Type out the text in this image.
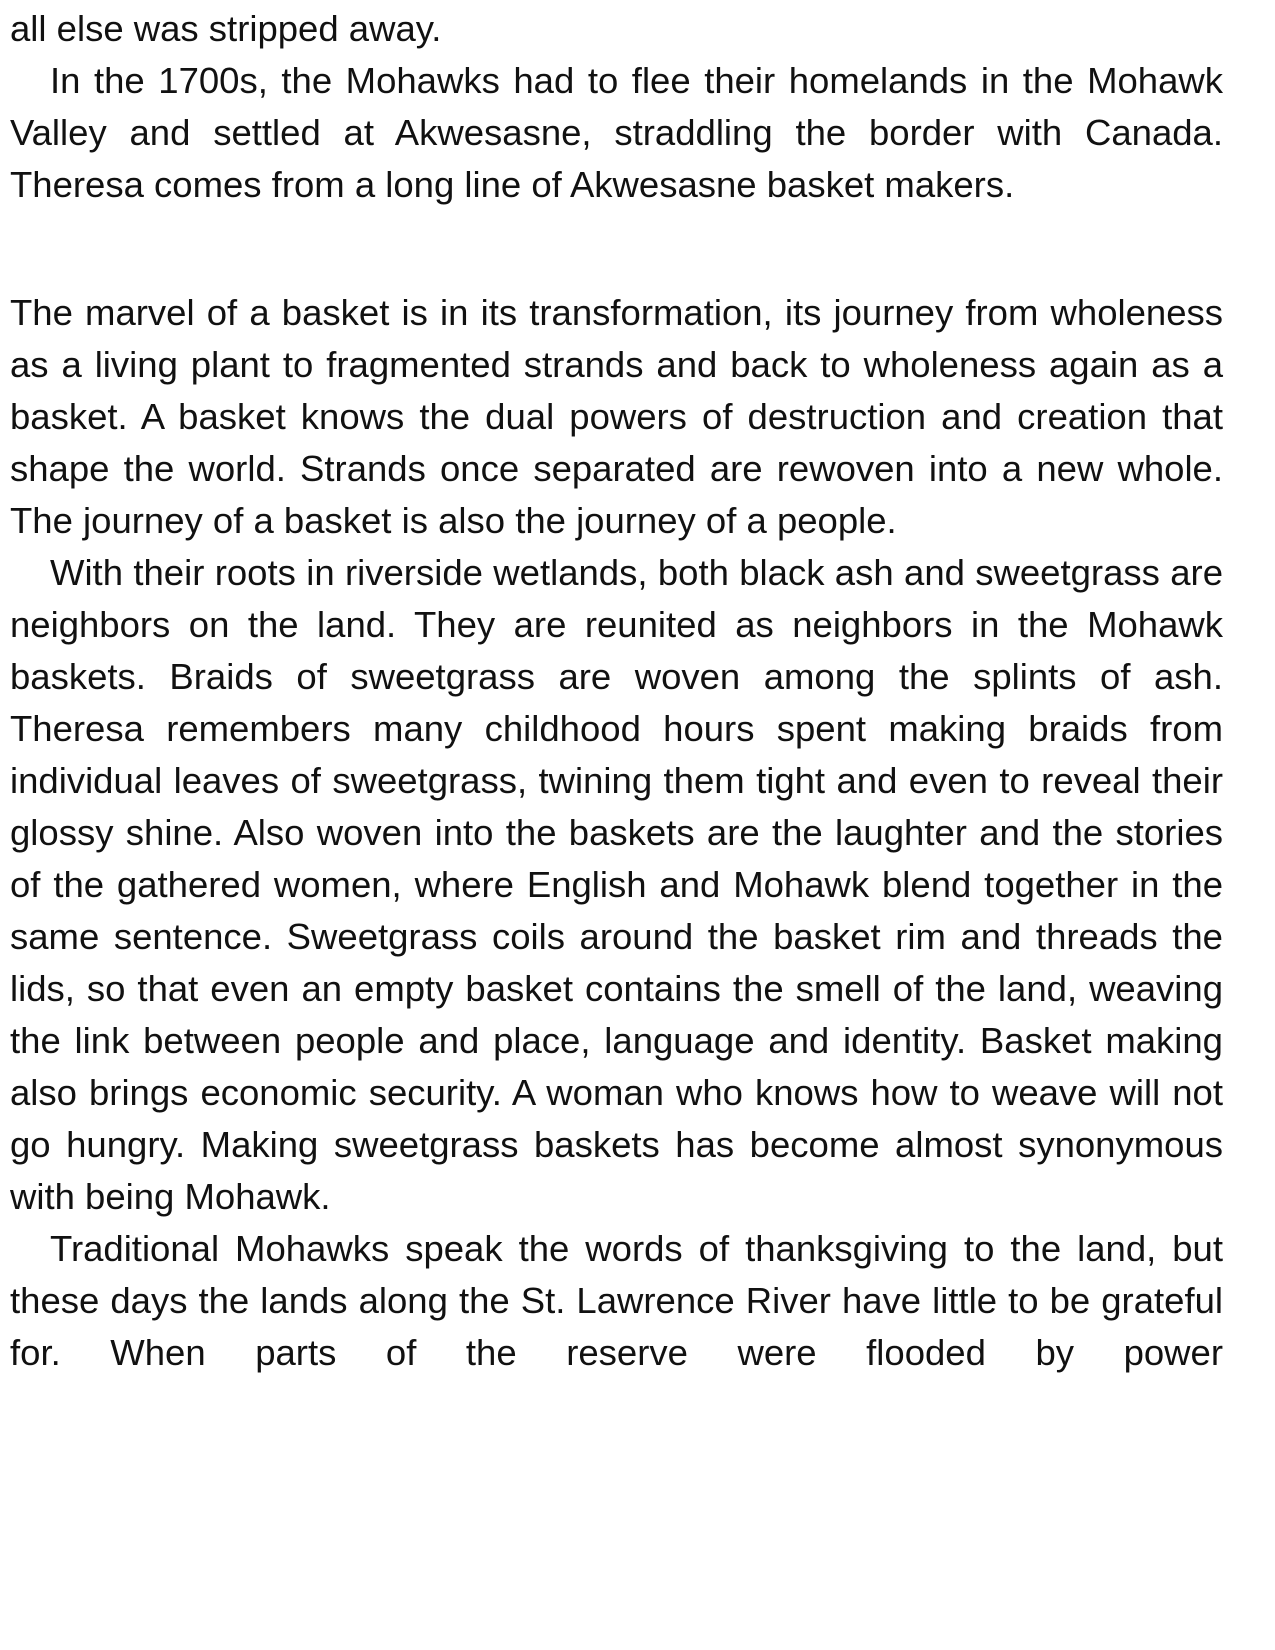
all else was stripped away.

In the 1700s, the Mohawks had to flee their homelands in the Mohawk Valley and settled at Akwesasne, straddling the border with Canada. Theresa comes from a long line of Akwesasne basket makers.

The marvel of a basket is in its transformation, its journey from wholeness as a living plant to fragmented strands and back to wholeness again as a basket. A basket knows the dual powers of destruction and creation that shape the world. Strands once separated are rewoven into a new whole. The journey of a basket is also the journey of a people.

With their roots in riverside wetlands, both black ash and sweetgrass are neighbors on the land. They are reunited as neighbors in the Mohawk baskets. Braids of sweetgrass are woven among the splints of ash. Theresa remembers many childhood hours spent making braids from individual leaves of sweetgrass, twining them tight and even to reveal their glossy shine. Also woven into the baskets are the laughter and the stories of the gathered women, where English and Mohawk blend together in the same sentence. Sweetgrass coils around the basket rim and threads the lids, so that even an empty basket contains the smell of the land, weaving the link between people and place, language and identity. Basket making also brings economic security. A woman who knows how to weave will not go hungry. Making sweetgrass baskets has become almost synonymous with being Mohawk.

Traditional Mohawks speak the words of thanksgiving to the land, but these days the lands along the St. Lawrence River have little to be grateful for. When parts of the reserve were flooded by power
